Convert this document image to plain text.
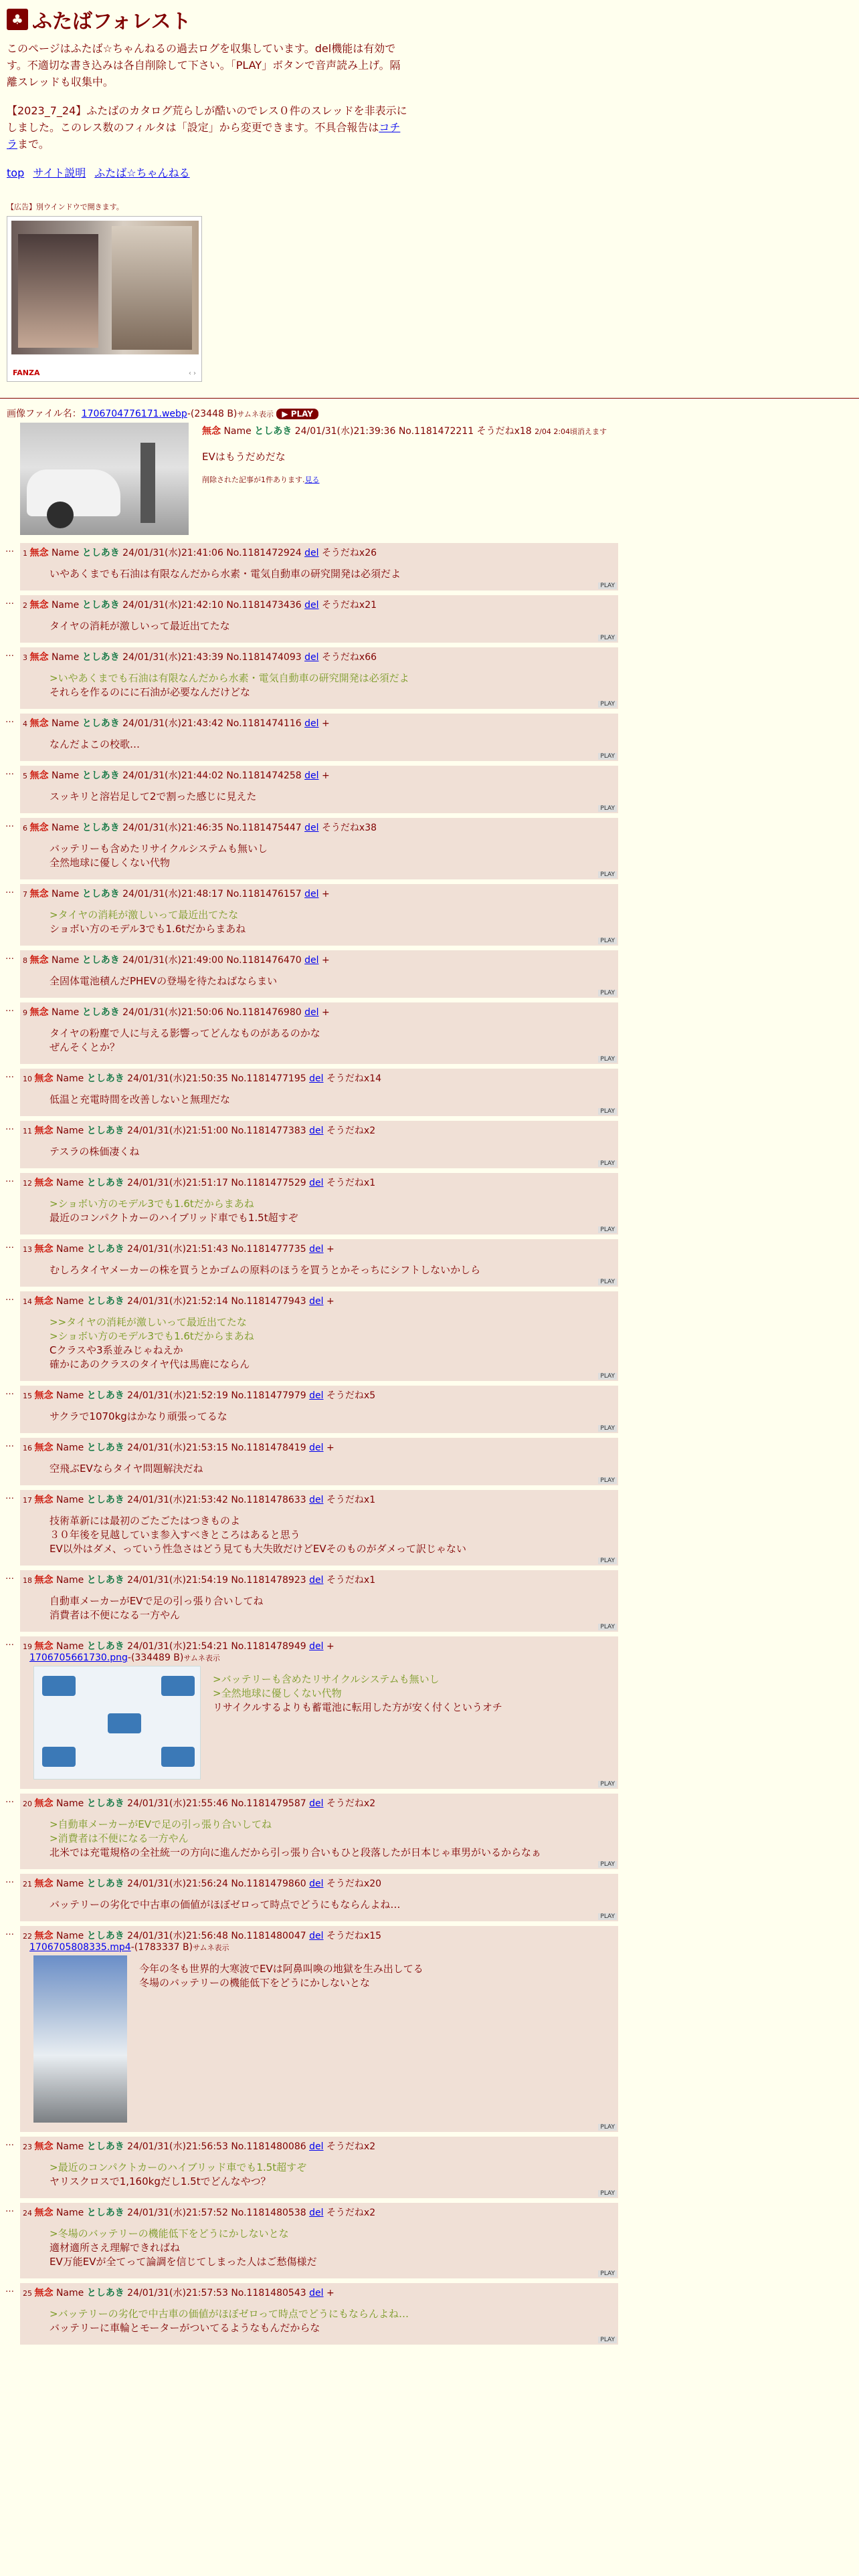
♣ ふたばフォレスト

このページはふたば☆ちゃんねるの過去ログを収集しています。del機能は有効です。不適切な書き込みは各自削除して下さい。「PLAY」ボタンで音声読み上げ。隔離スレッドも収集中。

【2023_7_24】ふたばのカタログ荒らしが酷いのでレス０件のスレッドを非表示にしました。このレス数のフィルタは「設定」から変更できます。不具合報告はコチラまで。

top サイト説明 ふたば☆ちゃんねる
【広告】別ウインドウで開きます。
FANZA	‹ ›
画像ファイル名：1706704776171.webp-(23448 B)サムネ表示 ▶ PLAY
無念 Name としあき 24/01/31(水)21:39:36 No.1181472211 そうだねx18 2/04 2:04頃消えます
EVはもうだめだな
削除された記事が1件あります.見る
…	1 無念 Name としあき 24/01/31(水)21:41:06 No.1181472924 del そうだねx26
いやあくまでも石油は有限なんだから水素・電気自動車の研究開発は必須だよ
PLAY
…	2 無念 Name としあき 24/01/31(水)21:42:10 No.1181473436 del そうだねx21
タイヤの消耗が激しいって最近出てたな
PLAY
…	3 無念 Name としあき 24/01/31(水)21:43:39 No.1181474093 del そうだねx66
>いやあくまでも石油は有限なんだから水素・電気自動車の研究開発は必須だよ
それらを作るのにに石油が必要なんだけどな
PLAY
…	4 無念 Name としあき 24/01/31(水)21:43:42 No.1181474116 del +
なんだよこの校歌…
PLAY
…	5 無念 Name としあき 24/01/31(水)21:44:02 No.1181474258 del +
スッキリと溶岩足して2で割った感じに見えた
PLAY
…	6 無念 Name としあき 24/01/31(水)21:46:35 No.1181475447 del そうだねx38
バッテリーも含めたリサイクルシステムも無いし
全然地球に優しくない代物
PLAY
…	7 無念 Name としあき 24/01/31(水)21:48:17 No.1181476157 del +
>タイヤの消耗が激しいって最近出てたな
ショボい方のモデル3でも1.6tだからまあね
PLAY
…	8 無念 Name としあき 24/01/31(水)21:49:00 No.1181476470 del +
全固体電池積んだPHEVの登場を待たねばならまい
PLAY
…	9 無念 Name としあき 24/01/31(水)21:50:06 No.1181476980 del +
タイヤの粉塵で人に与える影響ってどんなものがあるのかな
ぜんそくとか？
PLAY
…	10 無念 Name としあき 24/01/31(水)21:50:35 No.1181477195 del そうだねx14
低温と充電時間を改善しないと無理だな
PLAY
…	11 無念 Name としあき 24/01/31(水)21:51:00 No.1181477383 del そうだねx2
テスラの株価凄くね
PLAY
…	12 無念 Name としあき 24/01/31(水)21:51:17 No.1181477529 del そうだねx1
>ショボい方のモデル3でも1.6tだからまあね
最近のコンパクトカーのハイブリッド車でも1.5t超すぞ
PLAY
…	13 無念 Name としあき 24/01/31(水)21:51:43 No.1181477735 del +
むしろタイヤメーカーの株を買うとかゴムの原料のほうを買うとかそっちにシフトしないかしら
PLAY
…	14 無念 Name としあき 24/01/31(水)21:52:14 No.1181477943 del +
>>タイヤの消耗が激しいって最近出てたな
>ショボい方のモデル3でも1.6tだからまあね
Cクラスや3系並みじゃねえか
確かにあのクラスのタイヤ代は馬鹿にならん
PLAY
…	15 無念 Name としあき 24/01/31(水)21:52:19 No.1181477979 del そうだねx5
サクラで1070kgはかなり頑張ってるな
PLAY
…	16 無念 Name としあき 24/01/31(水)21:53:15 No.1181478419 del +
空飛ぶEVならタイヤ問題解決だね
PLAY
…	17 無念 Name としあき 24/01/31(水)21:53:42 No.1181478633 del そうだねx1
技術革新には最初のごたごたはつきものよ
３０年後を見越していま参入すべきところはあると思う
EV以外はダメ、っていう性急さはどう見ても大失敗だけどEVそのものがダメって訳じゃない
PLAY
…	18 無念 Name としあき 24/01/31(水)21:54:19 No.1181478923 del そうだねx1
自動車メーカーがEVで足の引っ張り合いしてね
消費者は不便になる一方やん
PLAY
…	19 無念 Name としあき 24/01/31(水)21:54:21 No.1181478949 del +
1706705661730.png-(334489 B)サムネ表示
>バッテリーも含めたリサイクルシステムも無いし
>全然地球に優しくない代物
リサイクルするよりも蓄電池に転用した方が安く付くというオチ
PLAY
…	20 無念 Name としあき 24/01/31(水)21:55:46 No.1181479587 del そうだねx2
>自動車メーカーがEVで足の引っ張り合いしてね
>消費者は不便になる一方やん
北米では充電規格の全社統一の方向に進んだから引っ張り合いもひと段落したが日本じゃ車男がいるからなぁ
PLAY
…	21 無念 Name としあき 24/01/31(水)21:56:24 No.1181479860 del そうだねx20
バッテリーの劣化で中古車の価値がほぼゼロって時点でどうにもならんよね…
PLAY
…	22 無念 Name としあき 24/01/31(水)21:56:48 No.1181480047 del そうだねx15
1706705808335.mp4-(1783337 B)サムネ表示
今年の冬も世界的大寒波でEVは阿鼻叫喚の地獄を生み出してる
冬場のバッテリーの機能低下をどうにかしないとな
PLAY
…	23 無念 Name としあき 24/01/31(水)21:56:53 No.1181480086 del そうだねx2
>最近のコンパクトカーのハイブリッド車でも1.5t超すぞ
ヤリスクロスで1,160kgだし1.5tでどんなやつ？
PLAY
…	24 無念 Name としあき 24/01/31(水)21:57:52 No.1181480538 del そうだねx2
>冬場のバッテリーの機能低下をどうにかしないとな
適材適所さえ理解できればね
EV万能EVが全てって論調を信じてしまった人はご愁傷様だ
PLAY
…	25 無念 Name としあき 24/01/31(水)21:57:53 No.1181480543 del +
>バッテリーの劣化で中古車の価値がほぼゼロって時点でどうにもならんよね…
バッテリーに車輪とモーターがついてるようなもんだからな
PLAY
